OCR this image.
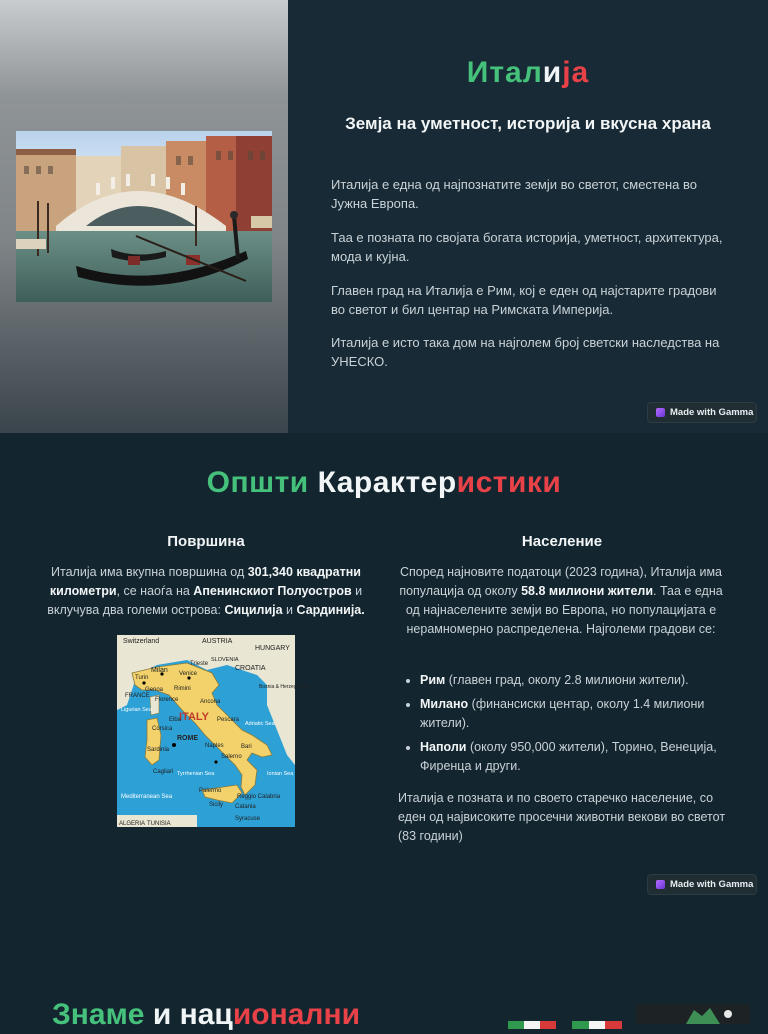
Италија
Земја на уметност, историја и вкусна храна
Италија е една од најпознатите земји во светот, сместена во Јужна Европа.
Таа е позната по својата богата историја, уметност, архитектура, мода и кујна.
Главен град на Италија е Рим, кој е еден од најстарите градови во светот и бил центар на Римската Империја.
Италија е исто така дом на најголем број светски наследства на УНЕСКО.
Made with Gamma
Општи Карактеристики
Површина
Италија има вкупна површина од 301,340 квадратни километри, се наоѓа на Апенинскиот Полуостров и вклучува два големи острова: Сицилија и Сардинија.
Switzerland	AUSTRIA
HUNGARY
SLOVENIA
CROATIA
Bosnia & Herzegovina
FRANCE
Milan Venice
Trieste
Turin
Genoa Rimini
Florence
Ligurian Sea
Ancona
ITALY
Elba	Pescara
Corsica
ROME
Adriatic Sea
Sardinia
Naples	Bari
Salerno
Cagliari Tyrrhenian Sea	Ionian Sea
Palermo
Reggio Calabria
Mediterranean Sea
Sicily Catania
ALGERIA TUNISIA
Syracuse
Население
Според најновите податоци (2023 година), Италија има популација од околу 58.8 милиони жители. Таа е една од најнаселените земји во Европа, но популацијата е нерамномерно распределена. Најголеми градови се:
• Рим (главен град, околу 2.8 милиони жители).
• Милано (финансиски центар, околу 1.4 милиони жители).
• Наполи (околу 950,000 жители), Торино, Венеција, Фиренца и други.
Италија е позната и по своето старечко население, со еден од највисоките просечни животни векови во светот (83 години)
Made with Gamma
Знаме и национални
